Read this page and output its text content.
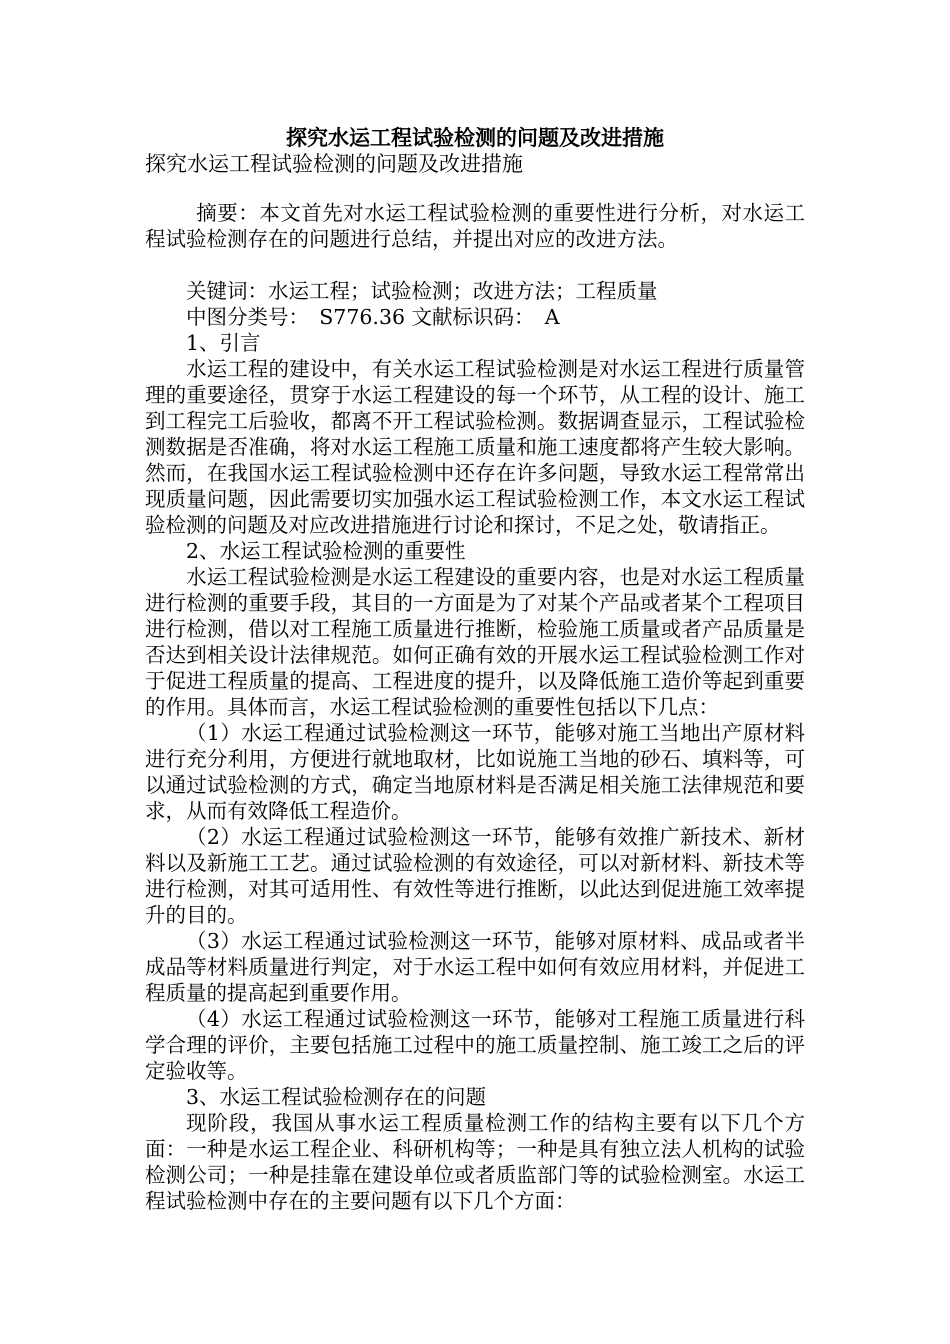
探究水运工程试验检测的问题及改进措施
探究水运工程试验检测的问题及改进措施

摘要：本文首先对水运工程试验检测的重要性进行分析，对水运工程试验检测存在的问题进行总结，并提出对应的改进方法。

关键词：水运工程；试验检测；改进方法；工程质量

中图分类号：　S776.36 文献标识码：　A

1、引言

水运工程的建设中，有关水运工程试验检测是对水运工程进行质量管理的重要途径，贯穿于水运工程建设的每一个环节，从工程的设计、施工到工程完工后验收，都离不开工程试验检测。数据调查显示，工程试验检测数据是否准确，将对水运工程施工质量和施工速度都将产生较大影响。然而，在我国水运工程试验检测中还存在许多问题，导致水运工程常常出现质量问题，因此需要切实加强水运工程试验检测工作，本文水运工程试验检测的问题及对应改进措施进行讨论和探讨，不足之处，敬请指正。

2、水运工程试验检测的重要性

水运工程试验检测是水运工程建设的重要内容，也是对水运工程质量进行检测的重要手段，其目的一方面是为了对某个产品或者某个工程项目进行检测，借以对工程施工质量进行推断，检验施工质量或者产品质量是否达到相关设计法律规范。如何正确有效的开展水运工程试验检测工作对于促进工程质量的提高、工程进度的提升，以及降低施工造价等起到重要的作用。具体而言，水运工程试验检测的重要性包括以下几点：

（1）水运工程通过试验检测这一环节，能够对施工当地出产原材料进行充分利用，方便进行就地取材，比如说施工当地的砂石、填料等，可以通过试验检测的方式，确定当地原材料是否满足相关施工法律规范和要求，从而有效降低工程造价。

（2）水运工程通过试验检测这一环节，能够有效推广新技术、新材料以及新施工工艺。通过试验检测的有效途径，可以对新材料、新技术等进行检测，对其可适用性、有效性等进行推断，以此达到促进施工效率提升的目的。

（3）水运工程通过试验检测这一环节，能够对原材料、成品或者半成品等材料质量进行判定，对于水运工程中如何有效应用材料，并促进工程质量的提高起到重要作用。

（4）水运工程通过试验检测这一环节，能够对工程施工质量进行科学合理的评价，主要包括施工过程中的施工质量控制、施工竣工之后的评定验收等。

3、水运工程试验检测存在的问题

现阶段，我国从事水运工程质量检测工作的结构主要有以下几个方面：一种是水运工程企业、科研机构等；一种是具有独立法人机构的试验检测公司；一种是挂靠在建设单位或者质监部门等的试验检测室。水运工程试验检测中存在的主要问题有以下几个方面：
